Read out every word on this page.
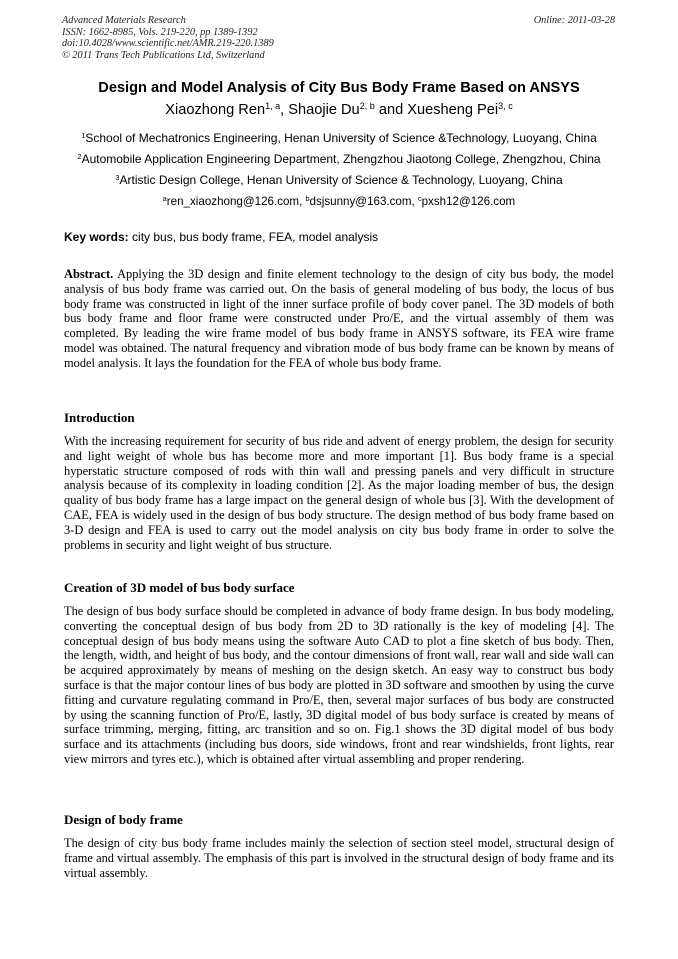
Advanced Materials Research
ISSN: 1662-8985, Vols. 219-220, pp 1389-1392
doi:10.4028/www.scientific.net/AMR.219-220.1389
© 2011 Trans Tech Publications Ltd, Switzerland
Online: 2011-03-28
Design and Model Analysis of City Bus Body Frame Based on ANSYS
Xiaozhong Ren$^{1, a}$, Shaojie Du$^{2, b}$ and Xuesheng Pei$^{3, c}$
$^1$School of Mechatronics Engineering, Henan University of Science &Technology, Luoyang, China
$^2$Automobile Application Engineering Department, Zhengzhou Jiaotong College, Zhengzhou, China
$^3$Artistic Design College, Henan University of Science & Technology, Luoyang, China
$^a$ren_xiaozhong@126.com, $^b$dsjsunny@163.com, $^c$pxsh12@126.com
Key words: city bus, bus body frame, FEA, model analysis
Abstract. Applying the 3D design and finite element technology to the design of city bus body, the model analysis of bus body frame was carried out. On the basis of general modeling of bus body, the locus of bus body frame was constructed in light of the inner surface profile of body cover panel. The 3D models of both bus body frame and floor frame were constructed under Pro/E, and the virtual assembly of them was completed. By leading the wire frame model of bus body frame in ANSYS software, its FEA wire frame model was obtained. The natural frequency and vibration mode of bus body frame can be known by means of model analysis. It lays the foundation for the FEA of whole bus body frame.
Introduction
With the increasing requirement for security of bus ride and advent of energy problem, the design for security and light weight of whole bus has become more and more important [1]. Bus body frame is a special hyperstatic structure composed of rods with thin wall and pressing panels and very difficult in structure analysis because of its complexity in loading condition [2]. As the major loading member of bus, the design quality of bus body frame has a large impact on the general design of whole bus [3]. With the development of CAE, FEA is widely used in the design of bus body structure. The design method of bus body frame based on 3-D design and FEA is used to carry out the model analysis on city bus body frame in order to solve the problems in security and light weight of bus structure.
Creation of 3D model of bus body surface
The design of bus body surface should be completed in advance of body frame design. In bus body modeling, converting the conceptual design of bus body from 2D to 3D rationally is the key of modeling [4]. The conceptual design of bus body means using the software Auto CAD to plot a fine sketch of bus body. Then, the length, width, and height of bus body, and the contour dimensions of front wall, rear wall and side wall can be acquired approximately by means of meshing on the design sketch. An easy way to construct bus body surface is that the major contour lines of bus body are plotted in 3D software and smoothen by using the curve fitting and curvature regulating command in Pro/E, then, several major surfaces of bus body are constructed by using the scanning function of Pro/E, lastly, 3D digital model of bus body surface is created by means of surface trimming, merging, fitting, arc transition and so on. Fig.1 shows the 3D digital model of bus body surface and its attachments (including bus doors, side windows, front and rear windshields, front lights, rear view mirrors and tyres etc.), which is obtained after virtual assembling and proper rendering.
Design of body frame
The design of city bus body frame includes mainly the selection of section steel model, structural design of frame and virtual assembly. The emphasis of this part is involved in the structural design of body frame and its virtual assembly.
